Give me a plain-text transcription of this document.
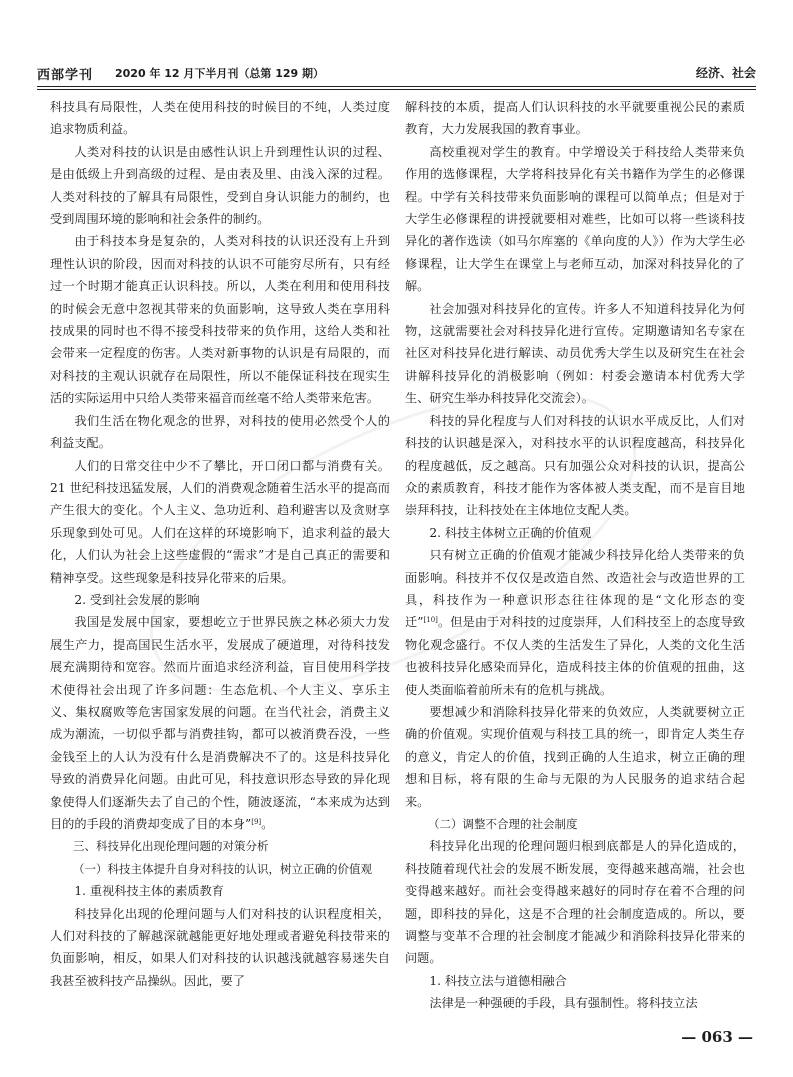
西部学刊 2020 年 12 月下半月刊（总第 129 期）	经济、社会

科技具有局限性，人类在使用科技的时候目的不纯，人类过度追求物质利益。

人类对科技的认识是由感性认识上升到理性认识的过程、是由低级上升到高级的过程、是由表及里、由浅入深的过程。人类对科技的了解具有局限性，受到自身认识能力的制约，也受到周围环境的影响和社会条件的制约。

由于科技本身是复杂的，人类对科技的认识还没有上升到理性认识的阶段，因而对科技的认识不可能穷尽所有，只有经过一个时期才能真正认识科技。所以，人类在利用和使用科技的时候会无意中忽视其带来的负面影响，这导致人类在享用科技成果的同时也不得不接受科技带来的负作用，这给人类和社会带来一定程度的伤害。人类对新事物的认识是有局限的，而对科技的主观认识就存在局限性，所以不能保证科技在现实生活的实际运用中只给人类带来福音而丝毫不给人类带来危害。

我们生活在物化观念的世界，对科技的使用必然受个人的利益支配。

人们的日常交往中少不了攀比，开口闭口都与消费有关。21 世纪科技迅猛发展，人们的消费观念随着生活水平的提高而产生很大的变化。个人主义、急功近利、趋利避害以及贪财享乐现象到处可见。人们在这样的环境影响下，追求利益的最大化，人们认为社会上这些虚假的“需求”才是自己真正的需要和精神享受。这些现象是科技异化带来的后果。

2. 受到社会发展的影响

我国是发展中国家，要想屹立于世界民族之林必须大力发展生产力，提高国民生活水平，发展成了硬道理，对待科技发展充满期待和宽容。然而片面追求经济利益，盲目使用科学技术使得社会出现了许多问题：生态危机、个人主义、享乐主义、集权腐败等危害国家发展的问题。在当代社会，消费主义成为潮流，一切似乎都与消费挂钩，都可以被消费吞没，一些金钱至上的人认为没有什么是消费解决不了的。这是科技异化导致的消费异化问题。由此可见，科技意识形态导致的异化现象使得人们逐渐失去了自己的个性，随波逐流，“本来成为达到目的的手段的消费却变成了目的本身”[9]。

三、科技异化出现伦理问题的对策分析

（一）科技主体提升自身对科技的认识，树立正确的价值观

1. 重视科技主体的素质教育

科技异化出现的伦理问题与人们对科技的认识程度相关，人们对科技的了解越深就越能更好地处理或者避免科技带来的负面影响，相反，如果人们对科技的认识越浅就越容易迷失自我甚至被科技产品操纵。因此，要了

解科技的本质，提高人们认识科技的水平就要重视公民的素质教育，大力发展我国的教育事业。

高校重视对学生的教育。中学增设关于科技给人类带来负作用的选修课程，大学将科技异化有关书籍作为学生的必修课程。中学有关科技带来负面影响的课程可以简单点；但是对于大学生必修课程的讲授就要相对难些，比如可以将一些谈科技异化的著作选读（如马尔库塞的《单向度的人》）作为大学生必修课程，让大学生在课堂上与老师互动，加深对科技异化的了解。

社会加强对科技异化的宣传。许多人不知道科技异化为何物，这就需要社会对科技异化进行宣传。定期邀请知名专家在社区对科技异化进行解读、动员优秀大学生以及研究生在社会讲解科技异化的消极影响（例如：村委会邀请本村优秀大学生、研究生举办科技异化交流会）。

科技的异化程度与人们对科技的认识水平成反比，人们对科技的认识越是深入，对科技水平的认识程度越高，科技异化的程度越低，反之越高。只有加强公众对科技的认识，提高公众的素质教育，科技才能作为客体被人类支配，而不是盲目地崇拜科技，让科技处在主体地位支配人类。

2. 科技主体树立正确的价值观

只有树立正确的价值观才能减少科技异化给人类带来的负面影响。科技并不仅仅是改造自然、改造社会与改造世界的工具，科技作为一种意识形态往往体现的是“文化形态的变迁”[10]。但是由于对科技的过度崇拜，人们科技至上的态度导致物化观念盛行。不仅人类的生活发生了异化，人类的文化生活也被科技异化感染而异化，造成科技主体的价值观的扭曲，这使人类面临着前所未有的危机与挑战。

要想减少和消除科技异化带来的负效应，人类就要树立正确的价值观。实现价值观与科技工具的统一，即肯定人类生存的意义，肯定人的价值，找到正确的人生追求，树立正确的理想和目标，将有限的生命与无限的为人民服务的追求结合起来。

（二）调整不合理的社会制度

科技异化出现的伦理问题归根到底都是人的异化造成的，科技随着现代社会的发展不断发展，变得越来越高端，社会也变得越来越好。而社会变得越来越好的同时存在着不合理的问题，即科技的异化，这是不合理的社会制度造成的。所以，要调整与变革不合理的社会制度才能减少和消除科技异化带来的问题。

1. 科技立法与道德相融合

法律是一种强硬的手段，具有强制性。将科技立法

— 063 —
